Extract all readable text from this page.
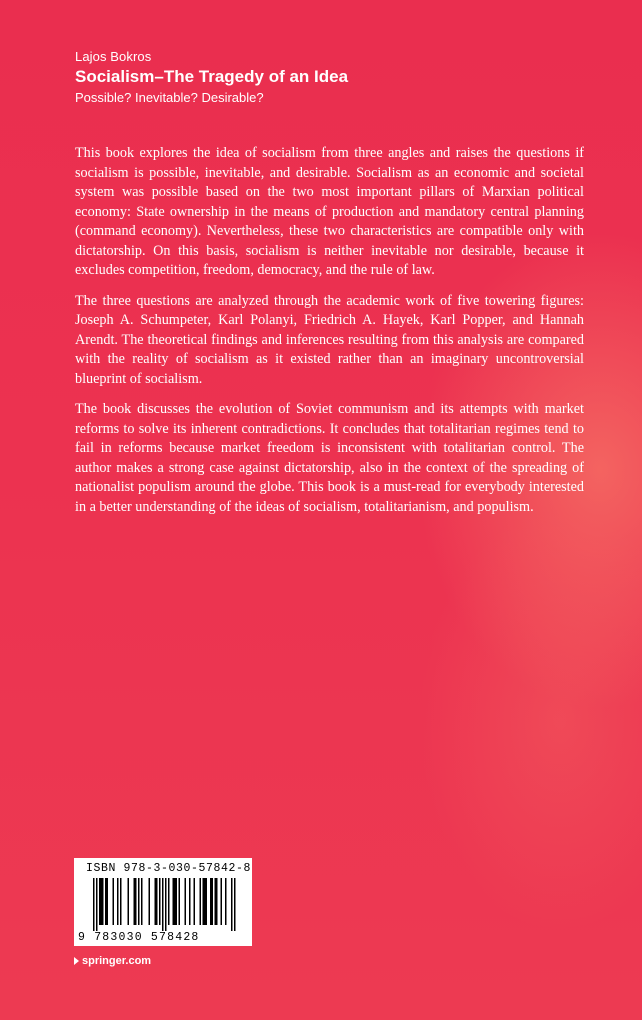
Lajos Bokros

Socialism–The Tragedy of an Idea

Possible? Inevitable? Desirable?

This book explores the idea of socialism from three angles and raises the questions if socialism is possible, inevitable, and desirable. Socialism as an economic and societal system was possible based on the two most important pillars of Marxian political economy: State ownership in the means of production and mandatory central planning (command economy). Nevertheless, these two characteristics are compatible only with dictatorship. On this basis, socialism is neither inevitable nor desirable, because it excludes competition, freedom, democracy, and the rule of law.

The three questions are analyzed through the academic work of five towering figures: Joseph A. Schumpeter, Karl Polanyi, Friedrich A. Hayek, Karl Popper, and Hannah Arendt. The theoretical findings and inferences resulting from this analysis are compared with the reality of socialism as it existed rather than an imaginary uncontroversial blueprint of socialism.

The book discusses the evolution of Soviet communism and its attempts with market reforms to solve its inherent contradictions. It concludes that totalitarian regimes tend to fail in reforms because market freedom is inconsistent with totalitarian control. The author makes a strong case against dictatorship, also in the context of the spreading of nationalist populism around the globe. This book is a must-read for everybody interested in a better understanding of the ideas of socialism, totalitarianism, and populism.

ISBN 978-3-030-57842-8
9 783030 578428
springer.com
